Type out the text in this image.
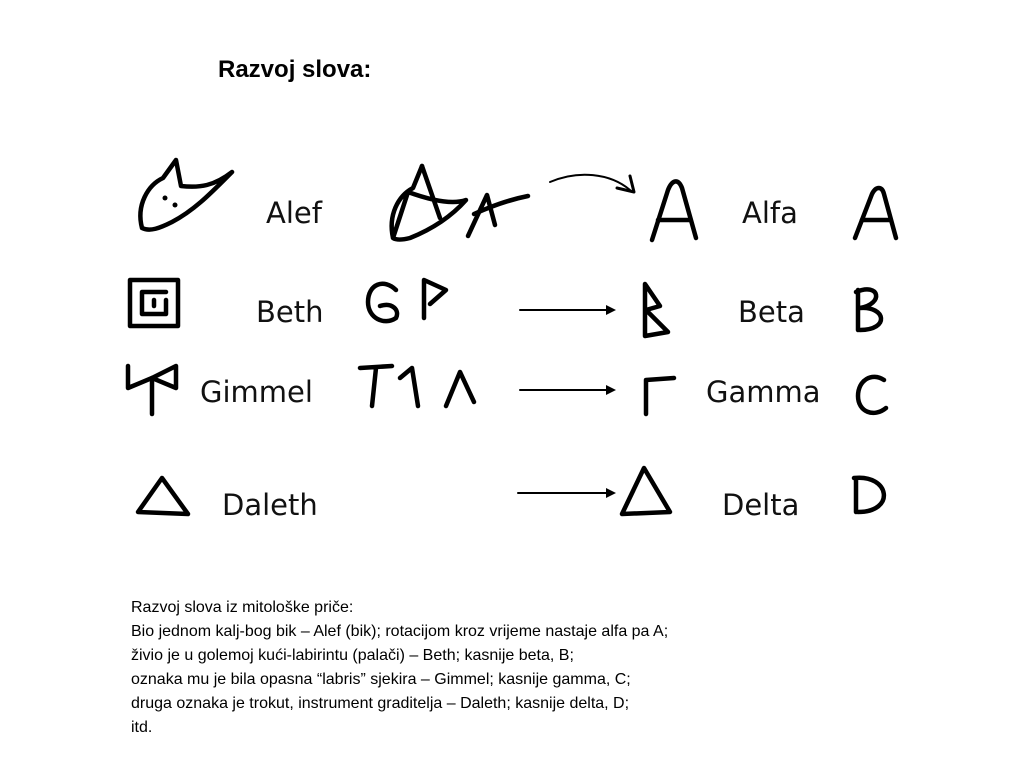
Razvoj slova:
Alef	Alfa
Beth	Beta
Gimmel	Gamma
Daleth	Delta
Razvoj slova iz mitološke priče:
Bio jednom kalj-bog bik – Alef (bik); rotacijom kroz vrijeme nastaje alfa pa A;
živio je u golemoj kući-labirintu (palači) – Beth; kasnije beta, B;
oznaka mu je bila opasna “labris” sjekira – Gimmel; kasnije gamma, C;
druga oznaka je trokut, instrument graditelja – Daleth; kasnije delta, D;
itd.
